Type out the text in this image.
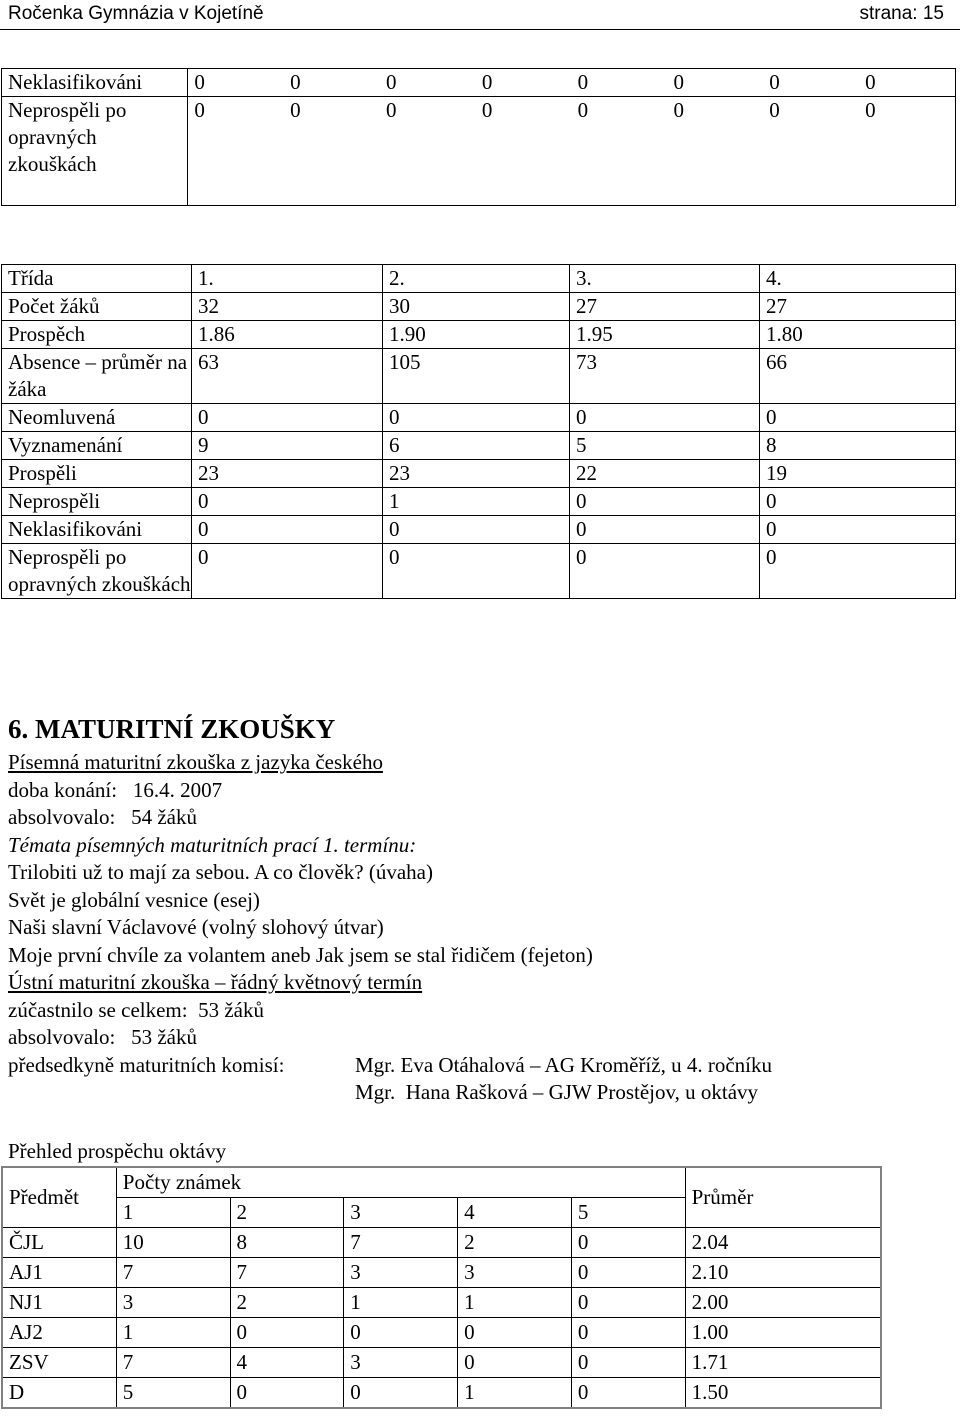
Ročenka Gymnázia v Kojetíně	strana: 15
Neklasifikováni	0	0	0	0	0	0	0	0
Neprospěli po opravných zkouškách	0	0	0	0	0	0	0	0
Třída	1.	2.	3.	4.
Počet žáků	32	30	27	27
Prospěch	1.86	1.90	1.95	1.80
Absence – průměr na žáka	63	105	73	66
Neomluvená	0	0	0	0
Vyznamenání	9	6	5	8
Prospěli	23	23	22	19
Neprospěli	0	1	0	0
Neklasifikováni	0	0	0	0
Neprospěli po opravných zkouškách	0	0	0	0
6. MATURITNÍ ZKOUŠKY
Písemná maturitní zkouška z jazyka českého
doba konání: 16.4. 2007
absolvovalo: 54 žáků
Témata písemných maturitních prací 1. termínu:
Trilobiti už to mají za sebou. A co člověk? (úvaha)
Svět je globální vesnice (esej)
Naši slavní Václavové (volný slohový útvar)
Moje první chvíle za volantem aneb Jak jsem se stal řidičem (fejeton)
Ústní maturitní zkouška – řádný květnový termín
zúčastnilo se celkem: 53 žáků
absolvovalo: 53 žáků
předsedkyně maturitních komisí:	Mgr. Eva Otáhalová – AG Kroměříž, u 4. ročníku
Mgr.  Hana Rašková – GJW Prostějov, u oktávy
Přehled prospěchu oktávy
Předmět	Počty známek					Průměr
	1	2	3	4	5	
ČJL	10	8	7	2	0	2.04
AJ1	7	7	3	3	0	2.10
NJ1	3	2	1	1	0	2.00
AJ2	1	0	0	0	0	1.00
ZSV	7	4	3	0	0	1.71
D	5	0	0	1	0	1.50
